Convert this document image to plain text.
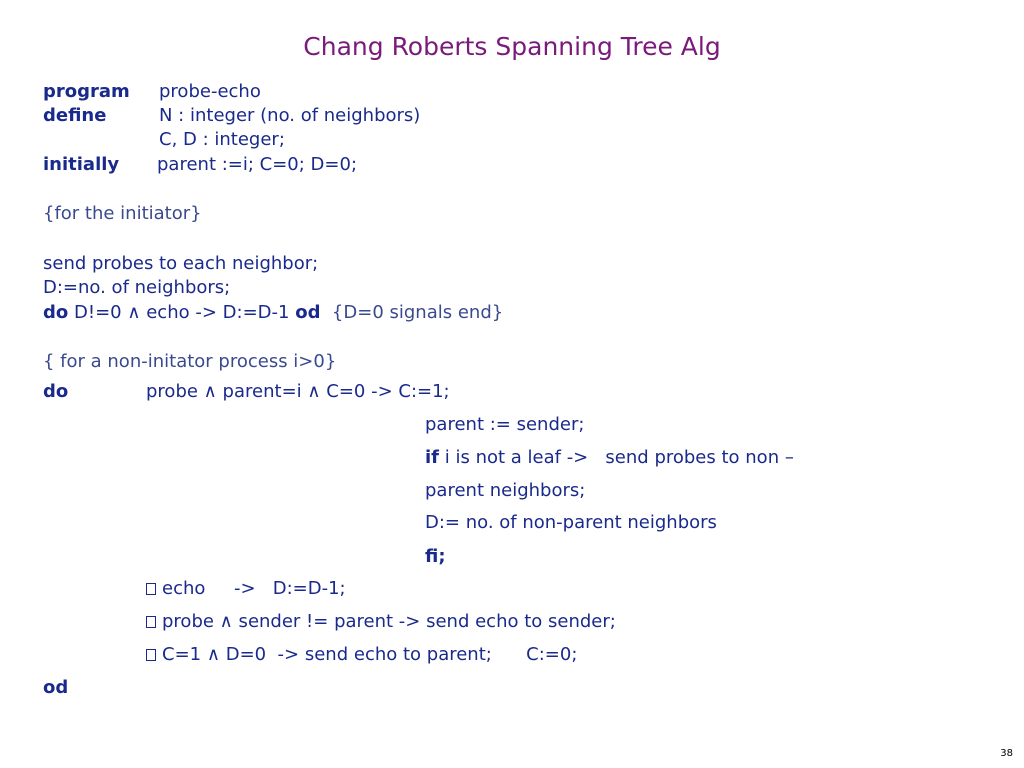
Chang Roberts Spanning Tree Alg
program probe-echo
define	N : integer (no. of neighbors)
C, D : integer;
initially parent :=i; C=0; D=0;
{for the initiator}
send probes to each neighbor;
D:=no. of neighbors;
do D!=0 ∧ echo -> D:=D-1 od {D=0 signals end}
{ for a non-initator process i>0}
do	probe ∧ parent=i ∧ C=0 -> C:=1;
parent := sender;
if i is not a leaf ->   send probes to non –
parent neighbors;
D:= no. of non-parent neighbors
fi;
echo     ->   D:=D-1;
probe ∧ sender != parent -> send echo to sender;
C=1 ∧ D=0  -> send echo to parent;      C:=0;
od
38
